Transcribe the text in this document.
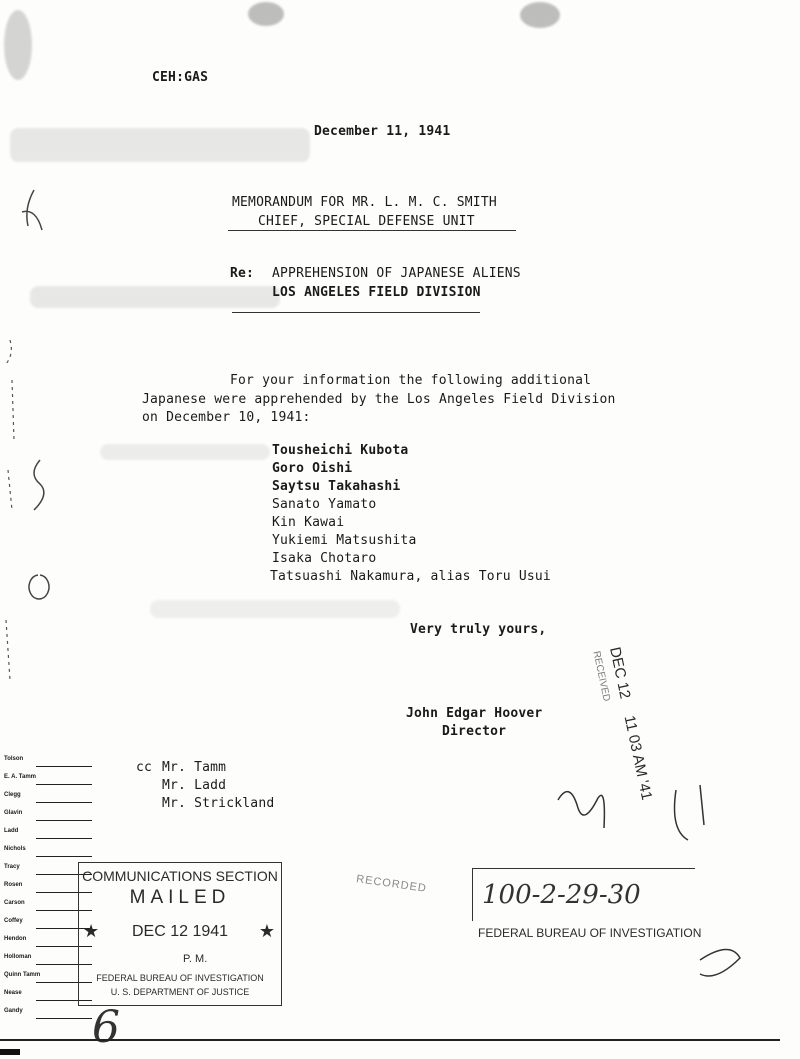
CEH:GAS
December 11, 1941
MEMORANDUM FOR MR. L. M. C. SMITH
CHIEF, SPECIAL DEFENSE UNIT
Re: APPREHENSION OF JAPANESE ALIENS
LOS ANGELES FIELD DIVISION
For your information the following additional
Japanese were apprehended by the Los Angeles Field Division
on December 10, 1941:
Tousheichi Kubota
Goro Oishi
Saytsu Takahashi
Sanato Yamato
Kin Kawai
Yukiemi Matsushita
Isaka Chotaro
Tatsuashi Nakamura, alias Toru Usui
Very truly yours,
John Edgar Hoover
Director
cc Mr. Tamm
Mr. Ladd
Mr. Strickland
Tolson
E. A. Tamm
Clegg
Glavin
Ladd
Nichols
Tracy
Rosen
Carson
Coffey
Hendon
Holloman
Quinn Tamm
Nease
Gandy
COMMUNICATIONS SECTION
MAILED
★	DEC 12 1941	★
P. M.
FEDERAL BUREAU OF INVESTIGATION
U. S. DEPARTMENT OF JUSTICE
DEC 12
11 03 AM '41
RECEIVED
RECORDED 100-2-29-30
FEDERAL BUREAU OF INVESTIGATION
6
